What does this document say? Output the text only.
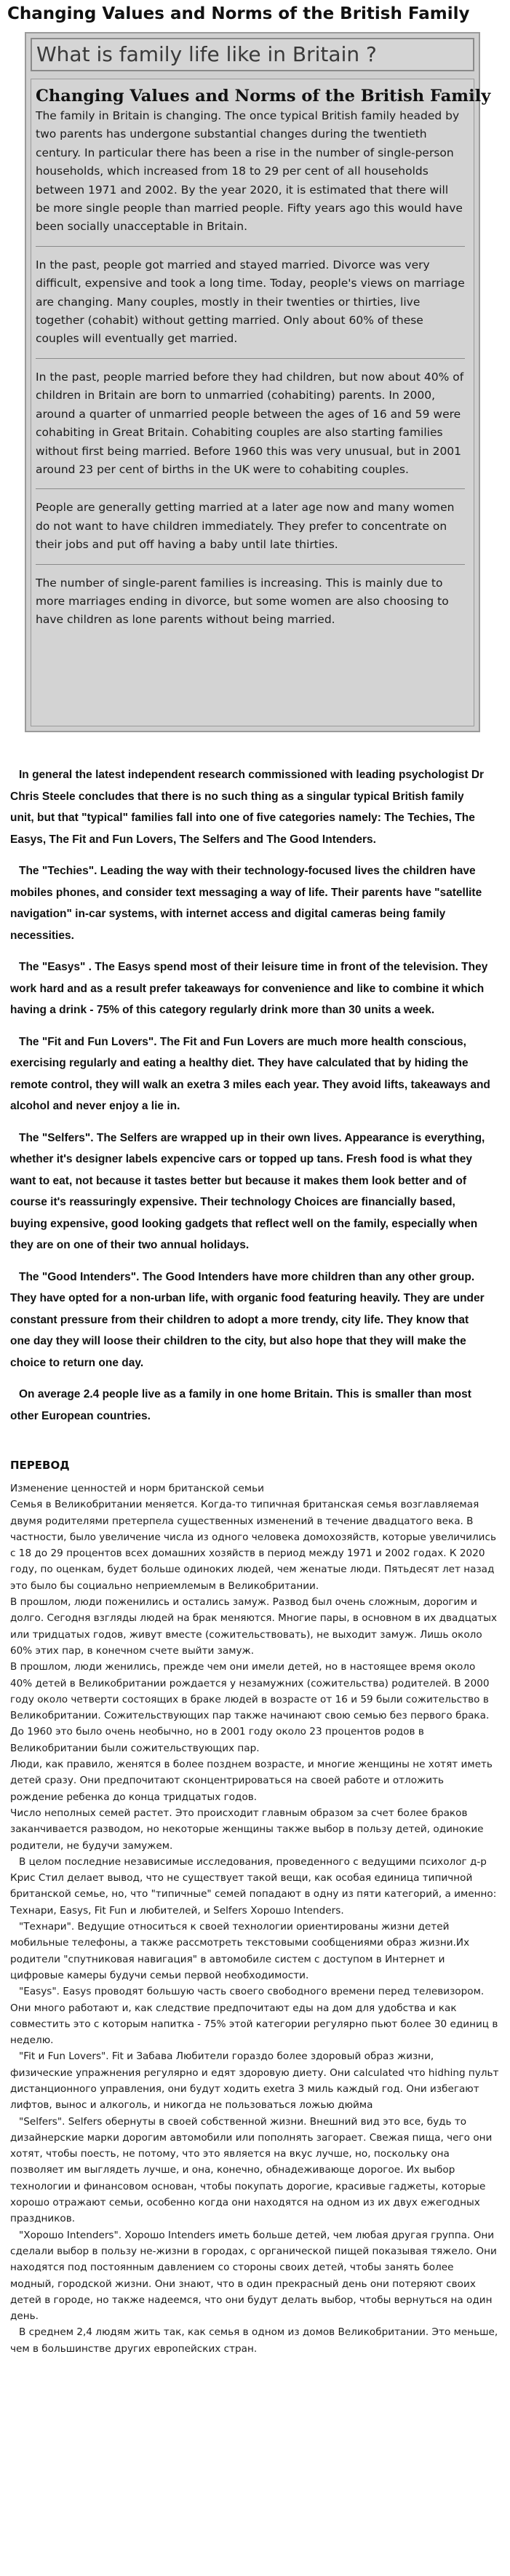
Changing Values and Norms of the British Family
What is family life like in Britain ?
Changing Values and Norms of the British Family

The family in Britain is changing. The once typical British family headed by two parents has undergone substantial changes during the twentieth century. In particular there has been a rise in the number of single-person households, which increased from 18 to 29 per cent of all households between 1971 and 2002. By the year 2020, it is estimated that there will be more single people than married people. Fifty years ago this would have been socially unacceptable in Britain.

In the past, people got married and stayed married. Divorce was very difficult, expensive and took a long time. Today, people's views on marriage are changing. Many couples, mostly in their twenties or thirties, live together (cohabit) without getting married. Only about 60% of these couples will eventually get married.

In the past, people married before they had children, but now about 40% of children in Britain are born to unmarried (cohabiting) parents. In 2000, around a quarter of unmarried people between the ages of 16 and 59 were cohabiting in Great Britain. Cohabiting couples are also starting families without first being married. Before 1960 this was very unusual, but in 2001 around 23 per cent of births in the UK were to cohabiting couples.

People are generally getting married at a later age now and many women do not want to have children immediately. They prefer to concentrate on their jobs and put off having a baby until late thirties.

The number of single-parent families is increasing. This is mainly due to more marriages ending in divorce, but some women are also choosing to have children as lone parents without being married.

In general the latest independent research commissioned with leading psychologist Dr Chris Steele concludes that there is no such thing as a singular typical British family unit, but that "typical" families fall into one of five categories namely: The Techies, The Easys, The Fit and Fun Lovers, The Selfers and The Good Intenders.

The "Techies". Leading the way with their technology-focused lives the children have mobiles phones, and consider text messaging a way of life. Their parents have "satellite navigation" in-car systems, with internet access and digital cameras being family necessities.

The "Easys" . The Easys spend most of their leisure time in front of the television. They work hard and as a result prefer takeaways for convenience and like to combine it which having a drink - 75% of this category regularly drink more than 30 units a week.

The "Fit and Fun Lovers". The Fit and Fun Lovers are much more health conscious, exercising regularly and eating a healthy diet. They have calculated that by hiding the remote control, they will walk an exetra 3 miles each year. They avoid lifts, takeaways and alcohol and never enjoy a lie in.

The "Selfers". The Selfers are wrapped up in their own lives. Appearance is everything, whether it's designer labels expencive cars or topped up tans. Fresh food is what they want to eat, not because it tastes better but because it makes them look better and of course it's reassuringly expensive. Their technology Choices are financially based, buying expensive, good looking gadgets that reflect well on the family, especially when they are on one of their two annual holidays.

The "Good Intenders". The Good Intenders have more children than any other group. They have opted for a non-urban life, with organic food featuring heavily. They are under constant pressure from their children to adopt a more trendy, city life. They know that one day they will loose their children to the city, but also hope that they will make the choice to return one day.

On average 2.4 people live as a family in one home Britain. This is smaller than most other European countries.

ПЕРЕВОД

Изменение ценностей и норм британской семьи

Семья в Великобритании меняется. Когда-то типичная британская семья возглавляемая двумя родителями претерпела существенных изменений в течение двадцатого века. В частности, было увеличение числа из одного человека домохозяйств, которые увеличились с 18 до 29 процентов всех домашних хозяйств в период между 1971 и 2002 годах. К 2020 году, по оценкам, будет больше одиноких людей, чем женатые люди. Пятьдесят лет назад это было бы социально неприемлемым в Великобритании.

В прошлом, люди поженились и остались замуж. Развод был очень сложным, дорогим и долго. Сегодня взгляды людей на брак меняются. Многие пары, в основном в их двадцатых или тридцатых годов, живут вместе (сожительствовать), не выходит замуж. Лишь около 60% этих пар, в конечном счете выйти замуж.

В прошлом, люди женились, прежде чем они имели детей, но в настоящее время около 40% детей в Великобритании рождается у незамужних (сожительства) родителей. В 2000 году около четверти состоящих в браке людей в возрасте от 16 и 59 были сожительство в Великобритании. Сожительствующих пар также начинают свою семью без первого брака. До 1960 это было очень необычно, но в 2001 году около 23 процентов родов в Великобритании были сожительствующих пар.

Люди, как правило, женятся в более позднем возрасте, и многие женщины не хотят иметь детей сразу. Они предпочитают сконцентрироваться на своей работе и отложить рождение ребенка до конца тридцатых годов.

Число неполных семей растет. Это происходит главным образом за счет более браков заканчивается разводом, но некоторые женщины также выбор в пользу детей, одинокие родители, не будучи замужем.

В целом последние независимые исследования, проведенного с ведущими психолог д-р Крис Стил делает вывод, что не существует такой вещи, как особая единица типичной британской семье, но, что "типичные" семей попадают в одну из пяти категорий, а именно: Технари, Easys, Fit Fun и любителей, и Selfers Хорошо Intenders.

"Технари". Ведущие относиться к своей технологии ориентированы жизни детей мобильные телефоны, а также рассмотреть текстовыми сообщениями образ жизни.Их родители "спутниковая навигация" в автомобиле систем с доступом в Интернет и цифровые камеры будучи семьи первой необходимости.

"Easys". Easys проводят большую часть своего свободного времени перед телевизором. Они много работают и, как следствие предпочитают еды на дом для удобства и как совместить это с которым напитка - 75% этой категории регулярно пьют более 30 единиц в неделю.

"Fit и Fun Lovers". Fit и Забава Любители гораздо более здоровый образ жизни, физические упражнения регулярно и едят здоровую диету. Они calculated что hidhing пульт дистанционного управления, они будут ходить exetra 3 миль каждый год. Они избегают лифтов, вынос и алкоголь, и никогда не пользоваться ложью дюйма

"Selfers". Selfers обернуты в своей собственной жизни. Внешний вид это все, будь то дизайнерские марки дорогим автомобили или пополнять загорает. Свежая пища, чего они хотят, чтобы поесть, не потому, что это является на вкус лучше, но, поскольку она позволяет им выглядеть лучше, и она, конечно, обнадеживающе дорогое. Их выбор технологии и финансовом основан, чтобы покупать дорогие, красивые гаджеты, которые хорошо отражают семьи, особенно когда они находятся на одном из их двух ежегодных праздников.

"Хорошо Intenders". Хорошо Intenders иметь больше детей, чем любая другая группа. Они сделали выбор в пользу не-жизни в городах, с органической пищей показывая тяжело. Они находятся под постоянным давлением со стороны своих детей, чтобы занять более модный, городской жизни. Они знают, что в один прекрасный день они потеряют своих детей в городе, но также надеемся, что они будут делать выбор, чтобы вернуться на один день.

В среднем 2,4 людям жить так, как семья в одном из домов Великобритании. Это меньше, чем в большинстве других европейских стран.
